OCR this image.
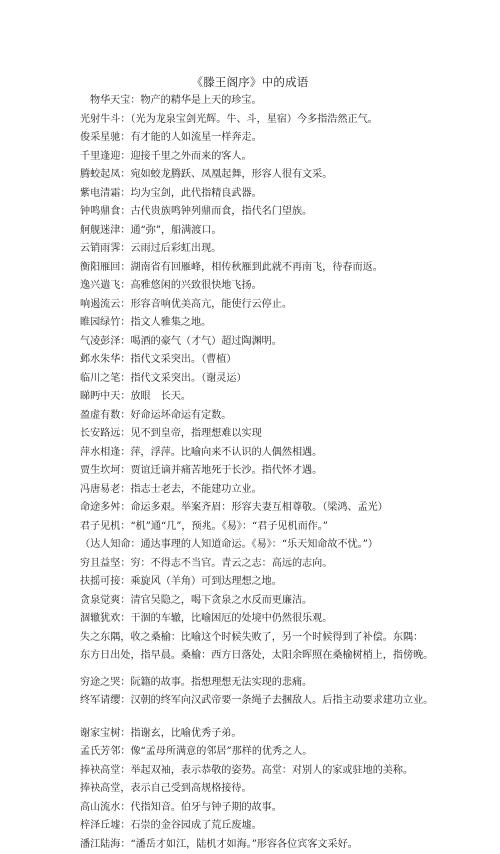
《滕王阁序》中的成语
物华天宝：物产的精华是上天的珍宝。
光射牛斗：（光为龙泉宝剑光辉。牛、斗，星宿）今多指浩然正气。
俊采星驰：有才能的人如流星一样奔走。
千里逢迎：迎接千里之外而来的客人。
腾蛟起凤：宛如蛟龙腾跃、凤凰起舞，形容人很有文采。
紫电清霜：均为宝剑，此代指精良武器。
钟鸣鼎食：古代贵族鸣钟列鼎而食，指代名门望族。
舸舰迷津：通“弥”，船满渡口。
云销雨霁：云雨过后彩虹出现。
衡阳雁回：湖南省有回雁峰，相传秋雁到此就不再南飞，待春而返。
逸兴遄飞：高雅悠闲的兴致很快地飞扬。
响遏流云：形容音响优美高亢，能使行云停止。
睢园绿竹：指文人雅集之地。
气凌彭泽：喝酒的豪气（才气）超过陶渊明。
邺水朱华：指代文采突出。（曹植）
临川之笔：指代文采突出。（谢灵运）
睇眄中天：放眼　长天。
盈虚有数：好命运坏命运有定数。
长安路远：见不到皇帝，指理想难以实现
萍水相逢：萍，浮萍。比喻向来不认识的人偶然相遇。
贾生坎坷：贾谊迁谪并痛苦地死于长沙。指代怀才遇。
冯唐易老：指志士老去，不能建功立业。
命途多舛：命运多艰。举案齐眉：形容夫妻互相尊敬。（梁鸿、孟光）
君子见机：“机”通“几”，预兆。《易》：“君子见机而作。”
（达人知命：通达事理的人知道命运。《易》：“乐天知命故不忧。”）
穷且益坚：穷：不得志不当官。青云之志：高远的志向。
扶摇可接：乘旋风（羊角）可到达理想之地。
贪泉觉爽：清官吴隐之，喝下贪泉之水反而更廉洁。
涸辙犹欢：干涸的车辙，比喻困厄的处境中仍然很乐观。
失之东隅，收之桑榆：比喻这个时候失败了，另一个时候得到了补偿。东隅：
东方日出处，指早晨。桑榆：西方日落处，太阳余晖照在桑榆树梢上，指傍晚。
穷途之哭：阮籍的故事。指想理想无法实现的悲痛。
终军请缨：汉朝的终军向汉武帝要一条绳子去捆敌人。后指主动要求建功立业。
谢家宝树：指谢玄，比喻优秀子弟。
孟氏芳邻：像“孟母所满意的邻居”那样的优秀之人。
捧袂高堂：举起双袖，表示恭敬的姿势。高堂：对别人的家或驻地的美称。
捧袂高堂，表示自己受到高规格接待。
高山流水：代指知音。伯牙与钟子期的故事。
梓泽丘墟：石崇的金谷园成了荒丘废墟。
潘江陆海：“潘岳才如江，陆机才如海。”形容各位宾客文采好。
